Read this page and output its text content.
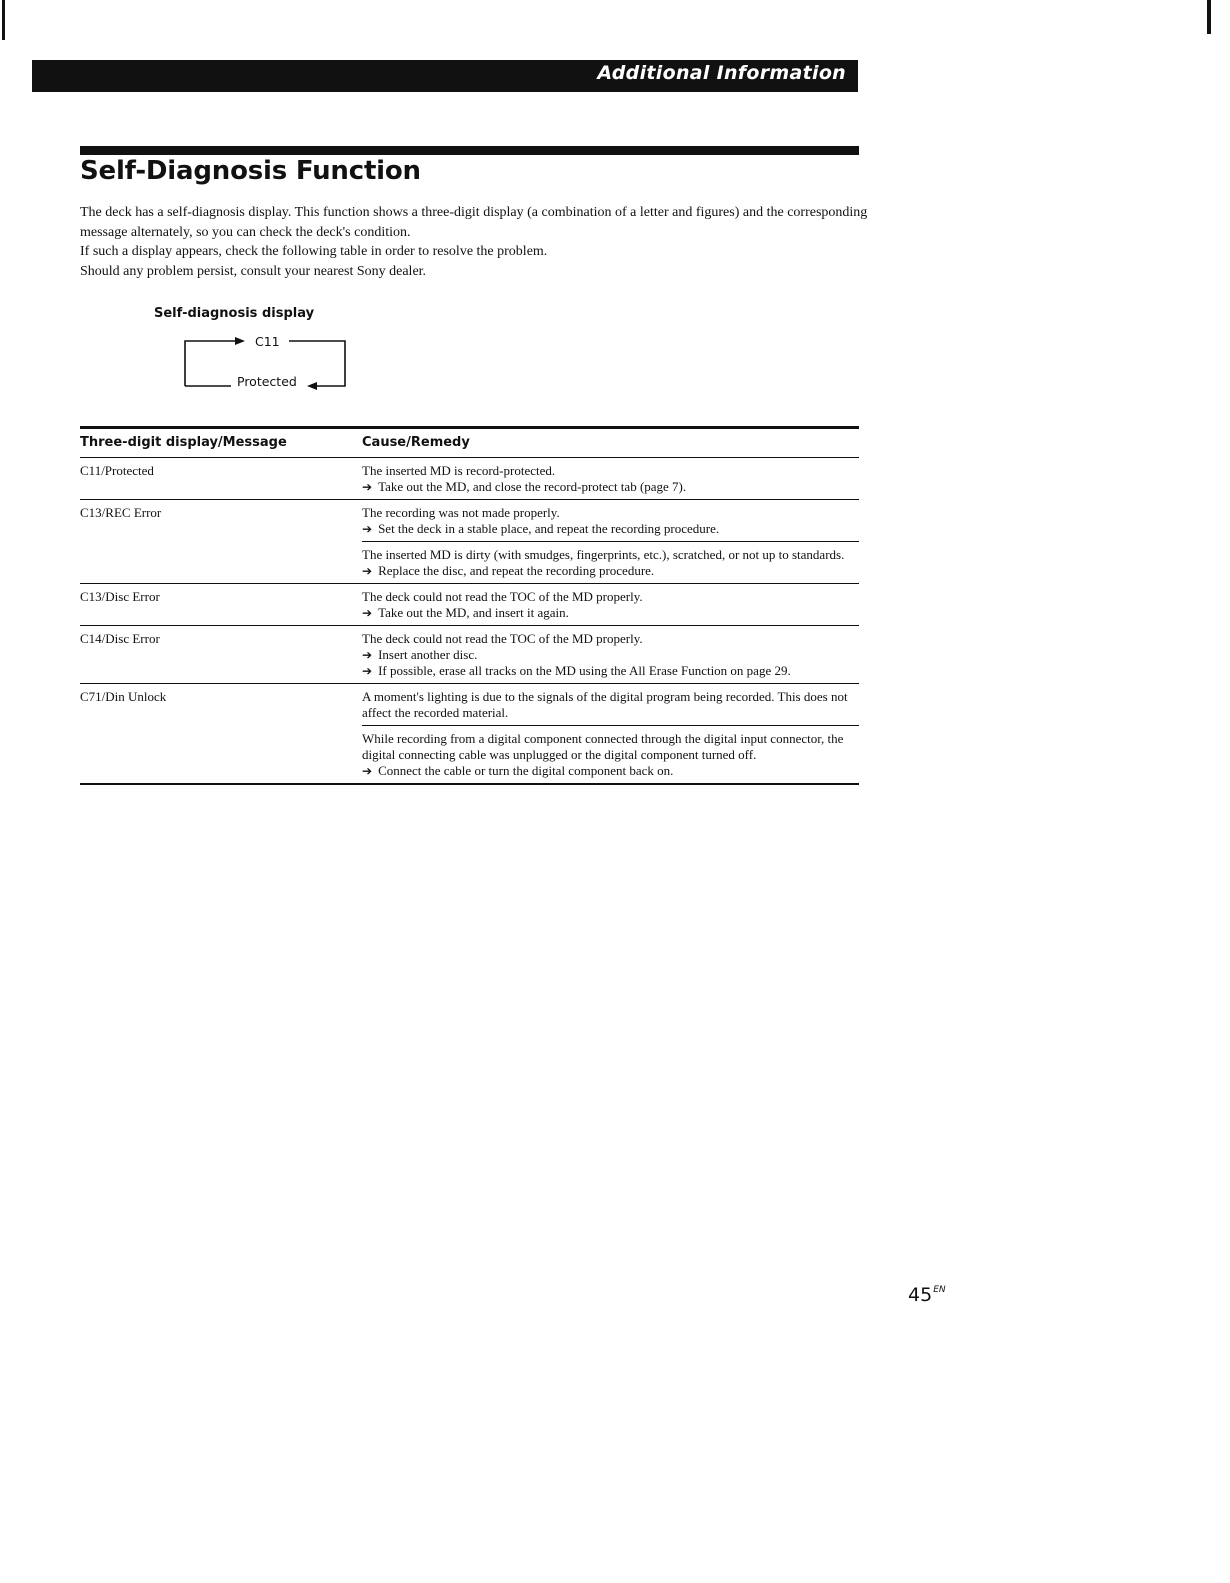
Additional Information
Self-Diagnosis Function

The deck has a self-diagnosis display. This function shows a three-digit display (a combination of a letter and figures) and the corresponding message alternately, so you can check the deck's condition.

If such a display appears, check the following table in order to resolve the problem.

Should any problem persist, consult your nearest Sony dealer.

Self-diagnosis display
C11
Protected
Three-digit display/Message	Cause/Remedy
C11/Protected	The inserted MD is record-protected.

➔ Take out the MD, and close the record-protect tab (page 7).

C13/REC Error	The recording was not made properly.

➔ Set the deck in a stable place, and repeat the recording procedure.

The inserted MD is dirty (with smudges, fingerprints, etc.), scratched, or not up to standards.

➔ Replace the disc, and repeat the recording procedure.

C13/Disc Error	The deck could not read the TOC of the MD properly.

➔ Take out the MD, and insert it again.

C14/Disc Error	The deck could not read the TOC of the MD properly.

➔ Insert another disc.

➔ If possible, erase all tracks on the MD using the All Erase Function on page 29.

C71/Din Unlock	A moment's lighting is due to the signals of the digital program being recorded. This does not affect the recorded material.

While recording from a digital component connected through the digital input connector, the digital connecting cable was unplugged or the digital component turned off.

➔ Connect the cable or turn the digital component back on.

$45^{EN}$
